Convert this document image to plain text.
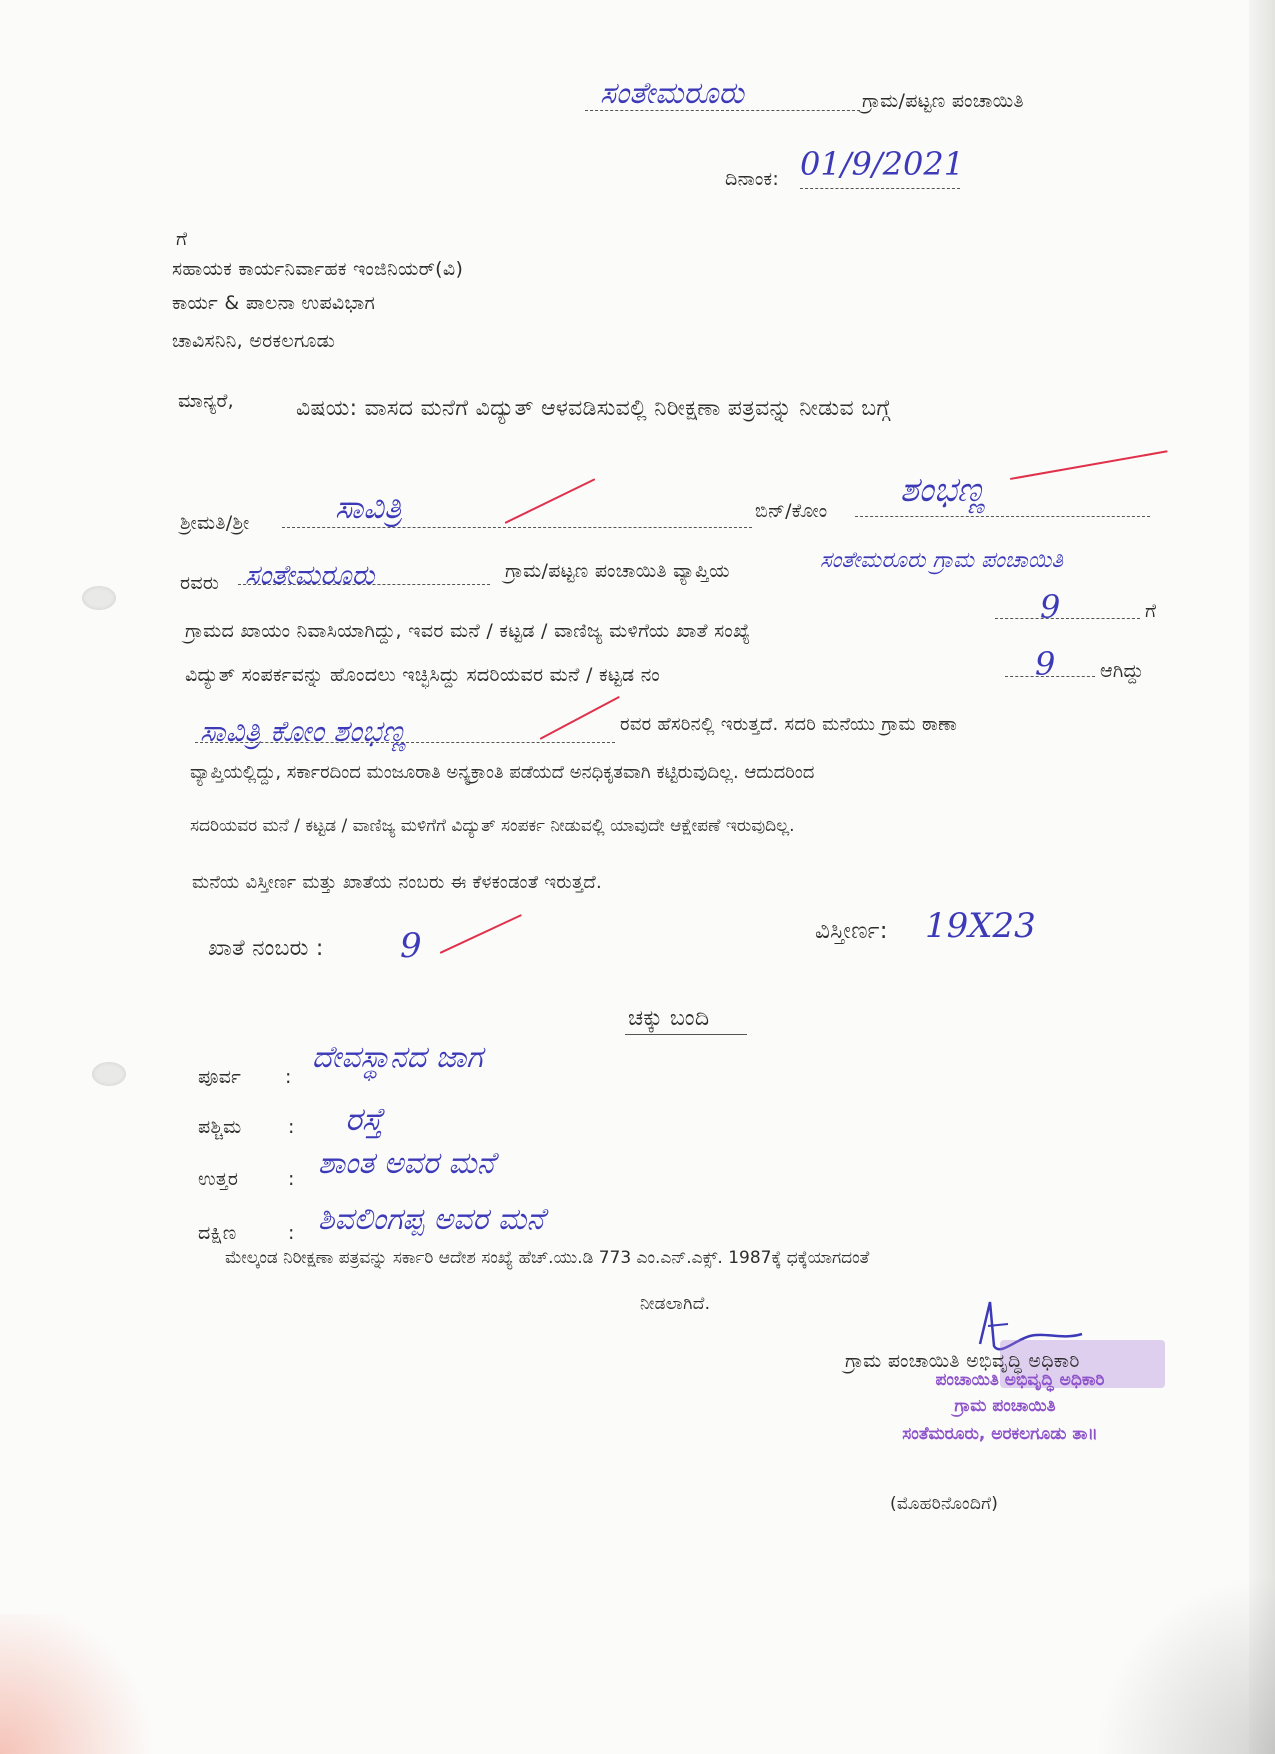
ಸಂತೇಮರೂರು	ಗ್ರಾಮ/ಪಟ್ಟಣ ಪಂಚಾಯಿತಿ
ದಿನಾಂಕ: 01/9/2021
ಗೆ
ಸಹಾಯಕ ಕಾರ್ಯನಿರ್ವಾಹಕ ಇಂಜಿನಿಯರ್(ವಿ)
ಕಾರ್ಯ & ಪಾಲನಾ ಉಪವಿಭಾಗ
ಚಾವಿಸನಿನಿ, ಅರಕಲಗೂಡು
ಮಾನ್ಯರೆ,	ವಿಷಯ: ವಾಸದ ಮನೆಗೆ ವಿದ್ಯುತ್ ಆಳವಡಿಸುವಲ್ಲಿ ನಿರೀಕ್ಷಣಾ ಪತ್ರವನ್ನು ನೀಡುವ ಬಗ್ಗೆ
ಶ್ರೀಮತಿ/ಶ್ರೀ	ಸಾವಿತ್ರಿ	ಬಿನ್/ಕೋಂ
ಶಂಭಣ್ಣ
ರವರು ಸಂತೇಮರೂರು	ಗ್ರಾಮ/ಪಟ್ಟಣ ಪಂಚಾಯಿತಿ ವ್ಯಾಪ್ತಿಯ	ಸಂತೇಮರೂರು ಗ್ರಾಮ ಪಂಚಾಯಿತಿ
ಗ್ರಾಮದ ಖಾಯಂ ನಿವಾಸಿಯಾಗಿದ್ದು, ಇವರ ಮನೆ / ಕಟ್ಟಡ / ವಾಣಿಜ್ಯ ಮಳಿಗೆಯ ಖಾತೆ ಸಂಖ್ಯೆ
9	ಗೆ
ವಿದ್ಯುತ್ ಸಂಪರ್ಕವನ್ನು ಹೊಂದಲು ಇಚ್ಛಿಸಿದ್ದು ಸದರಿಯವರ ಮನೆ / ಕಟ್ಟಡ ನಂ	9 ಆಗಿದ್ದು
ಸಾವಿತ್ರಿ ಕೋಂ ಶಂಭಣ್ಣ	ರವರ ಹೆಸರಿನಲ್ಲಿ ಇರುತ್ತದೆ. ಸದರಿ ಮನೆಯು ಗ್ರಾಮ ಠಾಣಾ
ವ್ಯಾಪ್ತಿಯಲ್ಲಿದ್ದು, ಸರ್ಕಾರದಿಂದ ಮಂಜೂರಾತಿ ಅನ್ಯಕ್ರಾಂತಿ ಪಡೆಯದೆ ಅನಧಿಕೃತವಾಗಿ ಕಟ್ಟಿರುವುದಿಲ್ಲ. ಆದುದರಿಂದ
ಸದರಿಯವರ ಮನೆ / ಕಟ್ಟಡ / ವಾಣಿಜ್ಯ ಮಳಿಗೆಗೆ ವಿದ್ಯುತ್ ಸಂಪರ್ಕ ನೀಡುವಲ್ಲಿ ಯಾವುದೇ ಆಕ್ಷೇಪಣೆ ಇರುವುದಿಲ್ಲ.
ಮನೆಯ ವಿಸ್ತೀರ್ಣ ಮತ್ತು ಖಾತೆಯ ನಂಬರು ಈ ಕೆಳಕಂಡಂತೆ ಇರುತ್ತದೆ.
ಖಾತೆ ನಂಬರು : 9	ವಿಸ್ತೀರ್ಣ: 19X23
ಚಕ್ಕು ಬಂದಿ
ಪೂರ್ವ :
ದೇವಸ್ಥಾನದ ಜಾಗ
ಪಶ್ಚಿಮ : ರಸ್ತೆ
ಉತ್ತರ	: ಶಾಂತ ಅವರ ಮನೆ
ದಕ್ಷಿಣ	: ಶಿವಲಿಂಗಪ್ಪ ಅವರ ಮನೆ
ಮೇಲ್ಕಂಡ ನಿರೀಕ್ಷಣಾ ಪತ್ರವನ್ನು ಸರ್ಕಾರಿ ಆದೇಶ ಸಂಖ್ಯೆ ಹೆಚ್.ಯು.ಡಿ 773 ಎಂ.ಎನ್.ಎಕ್ಸ್. 1987ಕ್ಕೆ ಧಕ್ಕೆಯಾಗದಂತೆ
ನೀಡಲಾಗಿದೆ.
ಗ್ರಾಮ ಪಂಚಾಯಿತಿ ಅಭಿವೃದ್ಧಿ ಅಧಿಕಾರಿ
ಪಂಚಾಯಿತಿ ಅಭಿವೃದ್ಧಿ ಅಧಿಕಾರಿ
ಗ್ರಾಮ ಪಂಚಾಯಿತಿ
ಸಂತೆಮರೂರು, ಅರಕಲಗೂಡು ತಾ॥
(ಮೊಹರಿನೊಂದಿಗೆ)
